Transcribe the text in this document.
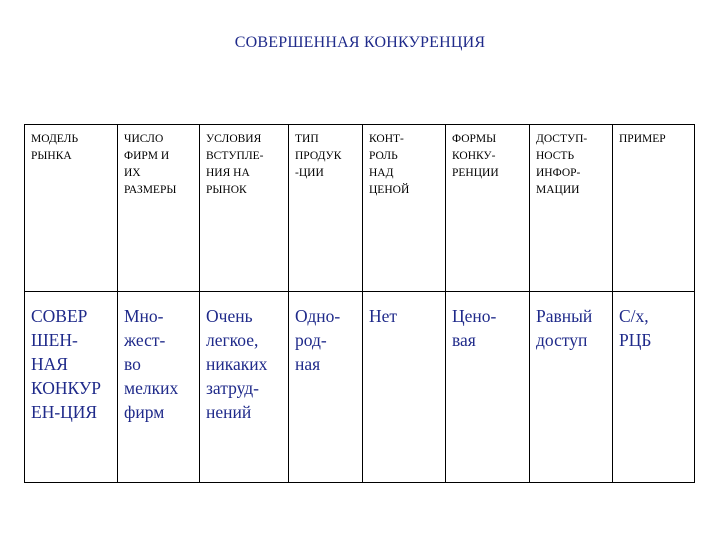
СОВЕРШЕННАЯ КОНКУРЕНЦИЯ
МОДЕЛЬ
РЫНКА	ЧИСЛО
ФИРМ И
ИХ
РАЗМЕРЫ	УСЛОВИЯ
ВСТУПЛЕ-
НИЯ НА
РЫНОК	ТИП
ПРОДУК
-ЦИИ	КОНТ-
РОЛЬ
НАД
ЦЕНОЙ	ФОРМЫ
КОНКУ-
РЕНЦИИ	ДОСТУП-
НОСТЬ
ИНФОР-
МАЦИИ	ПРИМЕР

СОВЕР
ШЕН-
НАЯ
КОНКУР
ЕН-ЦИЯ	Мно-
жест-
во
мелких
фирм	Очень
легкое,
никаких
затруд-
нений	Одно-
род-
ная	Нет	Цено-
вая	Равный
доступ	С/х,
РЦБ
